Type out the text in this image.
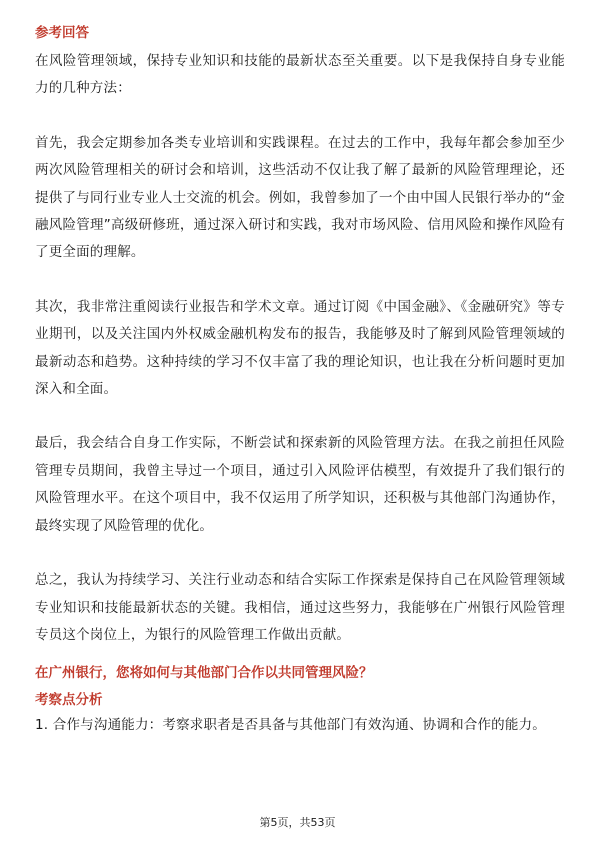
参考回答

在风险管理领域，保持专业知识和技能的最新状态至关重要。以下是我保持自身专业能力的几种方法：

首先，我会定期参加各类专业培训和实践课程。在过去的工作中，我每年都会参加至少两次风险管理相关的研讨会和培训，这些活动不仅让我了解了最新的风险管理理论，还提供了与同行业专业人士交流的机会。例如，我曾参加了一个由中国人民银行举办的“金融风险管理”高级研修班，通过深入研讨和实践，我对市场风险、信用风险和操作风险有了更全面的理解。

其次，我非常注重阅读行业报告和学术文章。通过订阅《中国金融》、《金融研究》等专业期刊，以及关注国内外权威金融机构发布的报告，我能够及时了解到风险管理领域的最新动态和趋势。这种持续的学习不仅丰富了我的理论知识，也让我在分析问题时更加深入和全面。

最后，我会结合自身工作实际，不断尝试和探索新的风险管理方法。在我之前担任风险管理专员期间，我曾主导过一个项目，通过引入风险评估模型，有效提升了我们银行的风险管理水平。在这个项目中，我不仅运用了所学知识，还积极与其他部门沟通协作，最终实现了风险管理的优化。

总之，我认为持续学习、关注行业动态和结合实际工作探索是保持自己在风险管理领域专业知识和技能最新状态的关键。我相信，通过这些努力，我能够在广州银行风险管理专员这个岗位上，为银行的风险管理工作做出贡献。

在广州银行，您将如何与其他部门合作以共同管理风险？

考察点分析

1. 合作与沟通能力：考察求职者是否具备与其他部门有效沟通、协调和合作的能力。

第5页，共53页
